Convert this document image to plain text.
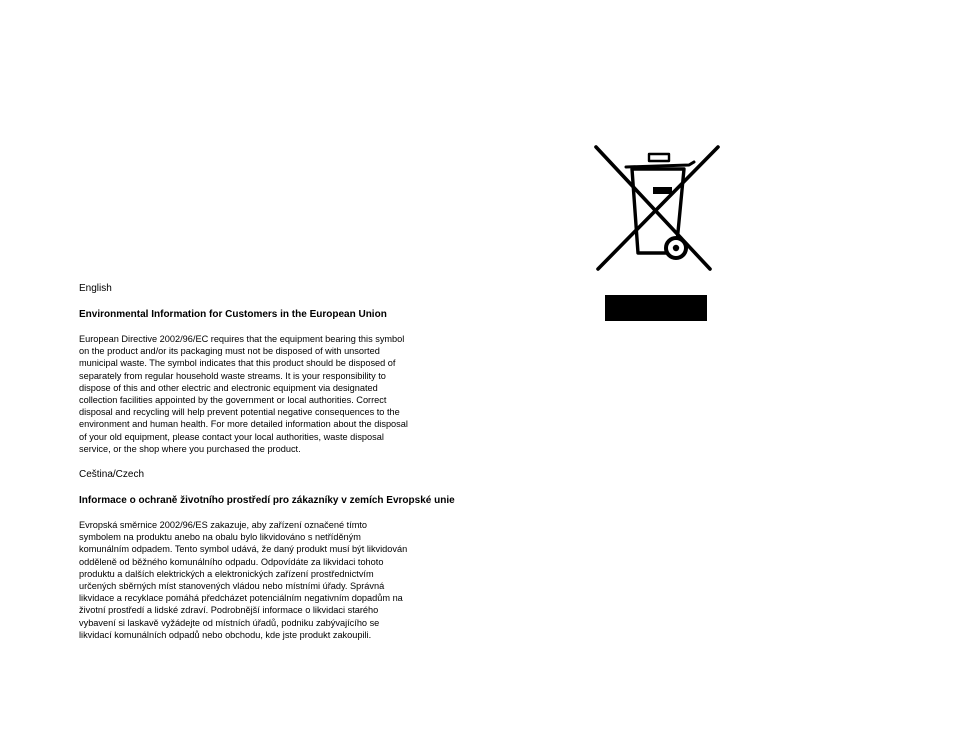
English
Environmental Information for Customers in the European Union

European Directive 2002/96/EC requires that the equipment bearing this symbol
on the product and/or its packaging must not be disposed of with unsorted
municipal waste. The symbol indicates that this product should be disposed of
separately from regular household waste streams. It is your responsibility to
dispose of this and other electric and electronic equipment via designated
collection facilities appointed by the government or local authorities. Correct
disposal and recycling will help prevent potential negative consequences to the
environment and human health. For more detailed information about the disposal
of your old equipment, please contact your local authorities, waste disposal
service, or the shop where you purchased the product.

Ceština/Czech
Informace o ochraně životního prostředí pro zákazníky v zemích Evropské unie

Evropská směrnice 2002/96/ES zakazuje, aby zařízení označené tímto
symbolem na produktu anebo na obalu bylo likvidováno s netříděným
komunálním odpadem. Tento symbol udává, že daný produkt musí být likvidován
odděleně od běžného komunálního odpadu. Odpovídáte za likvidaci tohoto
produktu a dalších elektrických a elektronických zařízení prostřednictvím
určených sběrných míst stanovených vládou nebo místními úřady. Správná
likvidace a recyklace pomáhá předcházet potenciálním negativním dopadům na
životní prostředí a lidské zdraví. Podrobnější informace o likvidaci starého
vybavení si laskavě vyžádejte od místních úřadů, podniku zabývajícího se
likvidací komunálních odpadů nebo obchodu, kde jste produkt zakoupili.
